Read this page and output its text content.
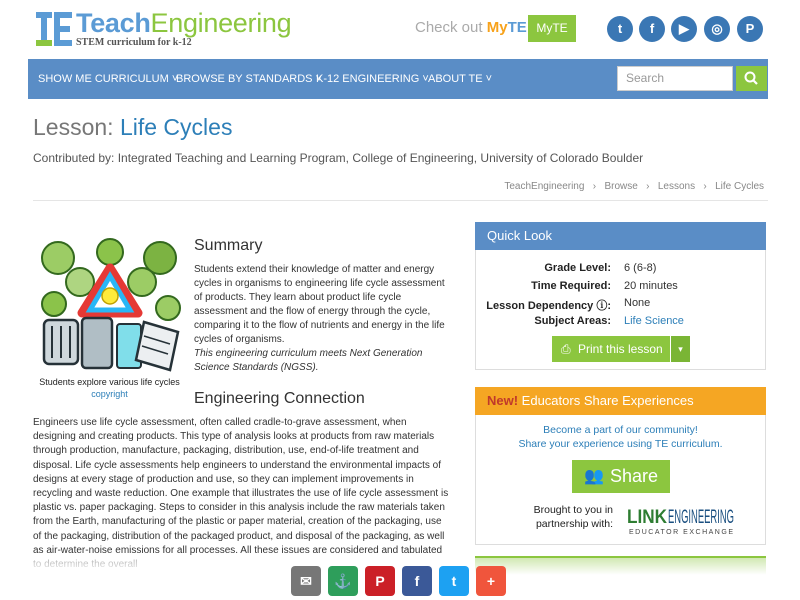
TeachEngineering
STEM curriculum for k-12
Check out MyTE MyTE	t	f	▶	◎	P
SHOW ME CURRICULUM ˅
BROWSE BY STANDARDS ˅
K-12 ENGINEERING ˅ ABOUT TE ˅	Search
Lesson: Life Cycles
Contributed by: Integrated Teaching and Learning Program, College of Engineering, University of Colorado Boulder
TeachEngineering   ›   Browse   ›   Lessons   ›   Life Cycles
Students explore various life cycles
copyright
Summary
Students extend their knowledge of matter and energy cycles in organisms to engineering life cycle assessment of products. They learn about product life cycle assessment and the flow of energy through the cycle, comparing it to the flow of nutrients and energy in the life cycles of organisms.
This engineering curriculum meets Next Generation Science Standards (NGSS).
Engineering Connection
Engineers use life cycle assessment, often called cradle-to-grave assessment, when designing and creating products. This type of analysis looks at products from raw materials through production, manufacture, packaging, distribution, use, end-of-life treatment and disposal. Life cycle assessments help engineers to understand the environmental impacts of designs at every stage of production and use, so they can implement improvements in recycling and waste reduction. One example that illustrates the use of life cycle assessment is plastic vs. paper packaging. Steps to consider in this analysis include the raw materials taken from the Earth, manufacturing of the plastic or paper material, creation of the packaging, use of the packaging, distribution of the packaged product, and disposal of the packaging, as well as air-water-noise emissions for all processes. All these issues are considered and tabulated
Quick Look
Grade Level: 6 (6-8)
Time Required: 20 minutes
Lesson Dependency ⓘ: None
Subject Areas: Life Science
⎙ Print this lesson	▾
New! Educators Share Experiences
Become a part of our community!
Share your experience using TE curriculum.
👥 Share
Brought to you in partnership with: LINK ENGINEERING
EDUCATOR EXCHANGE
✉	⚓	P	f	t	+
